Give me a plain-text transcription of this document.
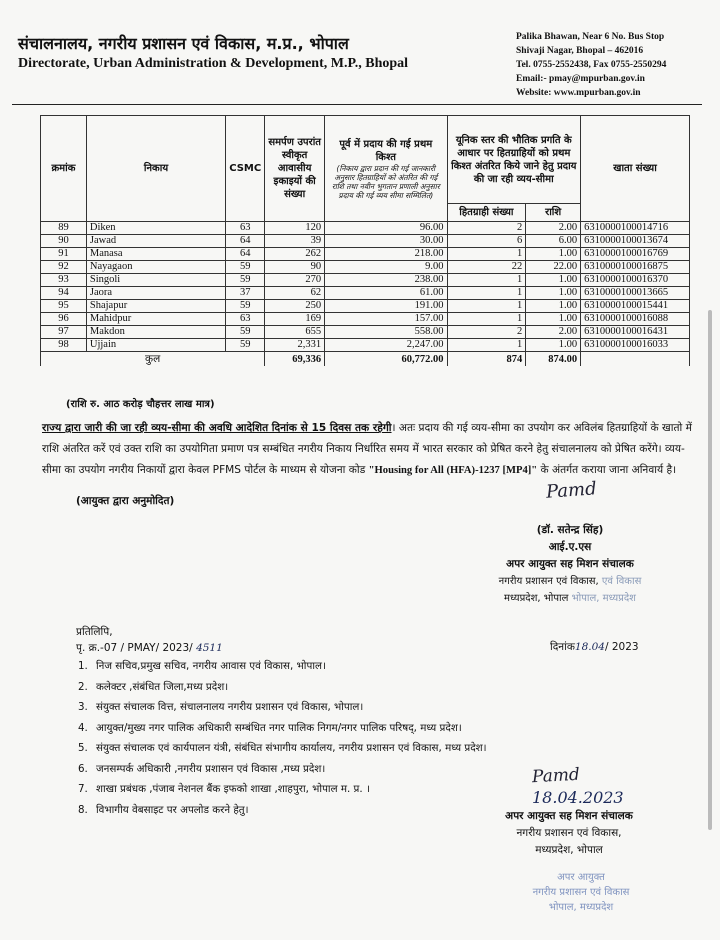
संचालनालय, नगरीय प्रशासन एवं विकास, म.प्र., भोपाल
Directorate, Urban Administration & Development, M.P., Bhopal
Palika Bhawan, Near 6 No. Bus Stop
Shivaji Nagar, Bhopal – 462016
Tel. 0755-2552438, Fax 0755-2550294
Email:- pmay@mpurban.gov.in
Website: www.mpurban.gov.in
क्रमांक	निकाय	CSMC	समर्पण उपरांत स्वीकृत आवासीय इकाइयों की संख्या	पूर्व में प्रदाय की गई प्रथम किश्त
(निकाय द्वारा प्रदान की गई जानकारी अनुसार हितग्राहियों को अंतरित की गई राशि तथा नवीन भुगतान प्रणाली अनुसार प्रदाय की गई व्यय सीमा सम्मिलित)	यूनिक स्तर की भौतिक प्रगति के आधार पर हितग्राहियों को प्रथम किश्त अंतरित किये जाने हेतु प्रदाय की जा रही व्यय-सीमा		खाता संख्या
					हितग्राही संख्या	राशि	
89	Diken	63	120	96.00	2	2.00	6310000100014716
90	Jawad	64	39	30.00	6	6.00	6310000100013674
91	Manasa	64	262	218.00	1	1.00	6310000100016769
92	Nayagaon	59	90	9.00	22	22.00	6310000100016875
93	Singoli	59	270	238.00	1	1.00	6310000100016370
94	Jaora	37	62	61.00	1	1.00	6310000100013665
95	Shajapur	59	250	191.00	1	1.00	6310000100015441
96	Mahidpur	63	169	157.00	1	1.00	6310000100016088
97	Makdon	59	655	558.00	2	2.00	6310000100016431
98	Ujjain	59	2,331	2,247.00	1	1.00	6310000100016033
कुल			69,336	60,772.00	874	874.00	
(राशि रु. आठ करोड़ चौहत्तर लाख मात्र)
राज्य द्वारा जारी की जा रही व्यय-सीमा की अवधि आदेशित दिनांक से 15 दिवस तक रहेगी। अतः प्रदाय की गई व्यय-सीमा का उपयोग कर अविलंब हितग्राहियों के खातो में राशि अंतरित करें एवं उक्त राशि का उपयोगिता प्रमाण पत्र सम्बंधित नगरीय निकाय निर्धारित समय में भारत सरकार को प्रेषित करने हेतु संचालनालय को प्रेषित करेंगे। व्यय-सीमा का उपयोग नगरीय निकायों द्वारा केवल PFMS पोर्टल के माध्यम से योजना कोड "Housing for All (HFA)-1237 [MP4]" के अंतर्गत कराया जाना अनिवार्य है।
(आयुक्त द्वारा अनुमोदित)	Pamd
(डॉ. सतेन्द्र सिंह)
आई.ए.एस
अपर आयुक्त सह मिशन संचालक
नगरीय प्रशासन एवं विकास, एवं विकास
मध्यप्रदेश, भोपाल भोपाल, मध्यप्रदेश
प्रतिलिपि,
पृ. क्र.-07 / PMAY/ 2023/ 4511	दिनांक18.04/ 2023
1. निज सचिव,प्रमुख सचिव, नगरीय आवास एवं विकास, भोपाल।
2. कलेक्टर ,संबंधित जिला,मध्य प्रदेश।
3. संयुक्त संचालक वित्त, संचालनालय नगरीय प्रशासन एवं विकास, भोपाल।
4. आयुक्त/मुख्य नगर पालिक अधिकारी सम्बंधित नगर पालिक निगम/नगर पालिक परिषद्, मध्य प्रदेश।
5. संयुक्त संचालक एवं कार्यपालन यंत्री, संबंधित संभागीय कार्यालय, नगरीय प्रशासन एवं विकास, मध्य प्रदेश।
6. जनसम्पर्क अधिकारी ,नगरीय प्रशासन एवं विकास ,मध्य प्रदेश।
7. शाखा प्रबंधक ,पंजाब नेशनल बैंक इफको शाखा ,शाहपुरा, भोपाल म. प्र. ।
8. विभागीय वेबसाइट पर अपलोड करने हेतु।
Pamd
18.04.2023
अपर आयुक्त सह मिशन संचालक
नगरीय प्रशासन एवं विकास,
मध्यप्रदेश, भोपाल
अपर आयुक्त
नगरीय प्रशासन एवं विकास
भोपाल, मध्यप्रदेश
